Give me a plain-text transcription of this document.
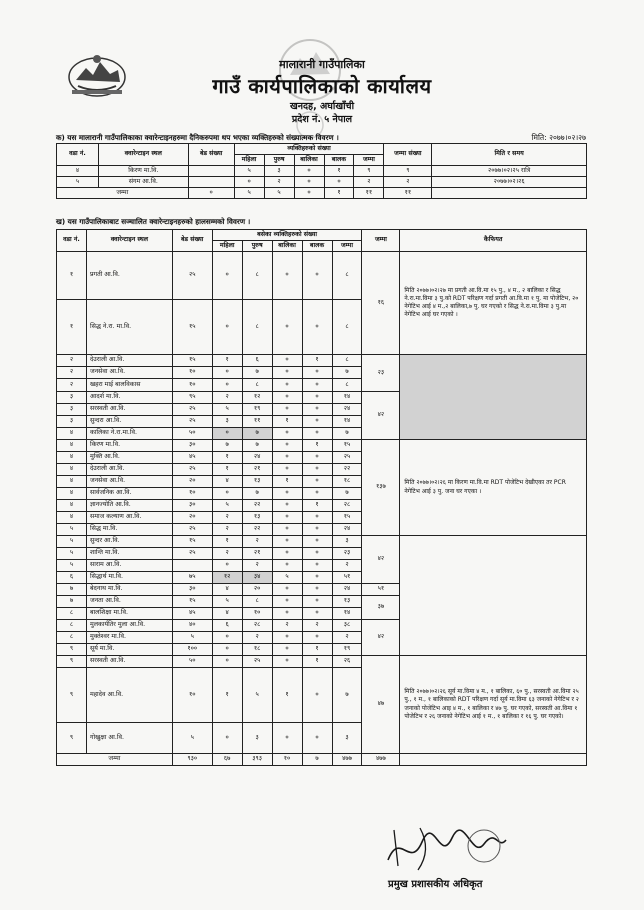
मालारानी गाउँपालिका
गाउँ कार्यपालिकाको कार्यालय
खनदह, अर्घाखाँची
प्रदेश नं. ५ नेपाल
मिति: २०७७।०२।२७
क) यस मालारानी गाउँपालिकाका क्वारेन्टाइनहरुमा दैनिकरुपमा थप भएका व्यक्तिहरुको संख्यात्मक विवरण ।
वडा नं.	क्वारेन्टाइन स्थल	बेड संख्या	व्यक्तिहरुको संख्या					जम्मा संख्या	मिति र समय
			महिला	पुरुष	बालिका	बालक	जम्मा		
४	किरण मा.वि.		५	३	०	१	९	९	२०७७।०२।२५ रात्रि
५	संगम आ.वि.		०	२	०	०	२	२	२०७७।०२।२६
जम्मा		०	५	५	०	१	११	११	
ख) यस गाउँपालिकाबाट सञ्चालित क्वारेन्टाइनहरुको हालसम्मको विवरण ।
वडा नं.	क्वारेन्टाइन स्थल	बेड संख्या	बसेका व्यक्तिहरुको संख्या					जम्मा	कैफियत
			महिला	पुरुष	बालिका	बालक	जम्मा		
१	प्रगती आ.वि.	२५	०	८	०	०	८	१६	मिति २०७७।०२।२७ मा प्रगती आ.वि.मा १५ पु., ४ म., २ बालिका र सिद्ध ने.रा.मा.विमा ३ पु.को RDT परिक्षण गर्दा प्रगती आ.वि.मा १ पु. मा पोजेटिभ, २० नेगेटिभ आई ४ म.,२ बालिका,७ पु. घर गएको र सिद्ध ने.रा.मा.विमा ३ पु.मा नेगेटिभ आई घर गएको ।
१	सिद्ध ने.रा. मा.वि.	१५	०	८	०	०	८		
२	देउराली आ.वि.	१५	१	६	०	१	८	२३	
२	जनसेवा आ.वि.	१०	०	७	०	०	७		
२	खहरा माई बालविकास	१०	०	८	०	०	८		
३	आदर्श मा.वि.	९५	२	१२	०	०	१४	४२	
३	सरस्वती आ.वि.	२५	५	१९	०	०	२४		
३	सुन्दरा आ.वि.	२५	३	११	१	०	१४		
४	कालिका ने.रा.मा.वि.	५०	०	७	०	०	७		
४	किरण मा.वि.	३०	७	७	०	१	१५	१३७	मिति २०७७।०२।२६ मा किरण मा.वि.मा RDT पोजेटिभ देखीएका तर PCR नेगेटिभ आई ३ पु. जना घर गएका ।
४	मुक्ति आ.वि.	४५	१	२४	०	०	२५		
४	देउराली आ.वि.	२५	१	२१	०	०	२२		
४	जनसेवा आ.वि.	२०	४	१३	१	०	१८		
४	सार्वजनिक आ.वि.	१०	०	७	०	०	७		
४	ज्ञानज्योति आ.वि.	३०	५	२२	०	१	२८		
४	समाज कल्याण आ.वि.	२०	२	१३	०	०	१५		
५	सिद्ध मा.वि.	२५	२	२२	०	०	२४		
५	सुन्दर आ.वि.	१५	१	२	०	०	३	४२	
५	शान्ति मा.वि.	२५	२	२१	०	०	२३		
५	साराम आ.वि.		०	२	०	०	२		
६	सिद्धार्थ मा.वि.	७५	१२	३४	५	०	५१		
७	बेदनाथ मा.वि.	३०	४	२०	०	०	२४	५१	
७	जनता आ.वि.	१५	५	८	०	०	१३	३७	
८	बालशिक्षा मा.वि.	४५	४	१०	०	०	१४		
८	मुलकार्यतिर मुला आ.वि.	४०	६	२८	२	२	३८	४२	
८	मुक्तेश्वर मा.वि.	५	०	२	०	०	२		
९	सूर्य मा.वि.	१००	०	१८	०	१	१९		
९	सरस्वती आ.वि.	५०	०	२५	०	१	२६	४७	मिति २०७७।०२।२६ सूर्य मा.विमा ४ म., १ बालिका, ६० पु., सरस्वती आ.विमा २५ पु., १ म., १ बालिकाको RDT परिक्षण गर्दा सूर्य मा.विमा ६३ जनाको नेगेटिभ र २ जनाको पोजेटिभ आइ ४ म., १ बालिका र ४७ पु. घर गएको, सरस्वती आ.विमा १ पोजेटिभ र २६ जनाको नेगेटिभ आई १ म., १ बालिका र १६ पु. घर गएको।
९	महादेव आ.वि.	१०	१	५	१	०	७		
९	गोखुक्षा आ.वि.	५	०	३	०	०	३		
जम्मा		९३०	६७	३९३	१०	७	४७७	४७७	
प्रमुख प्रशासकीय अधिकृत
